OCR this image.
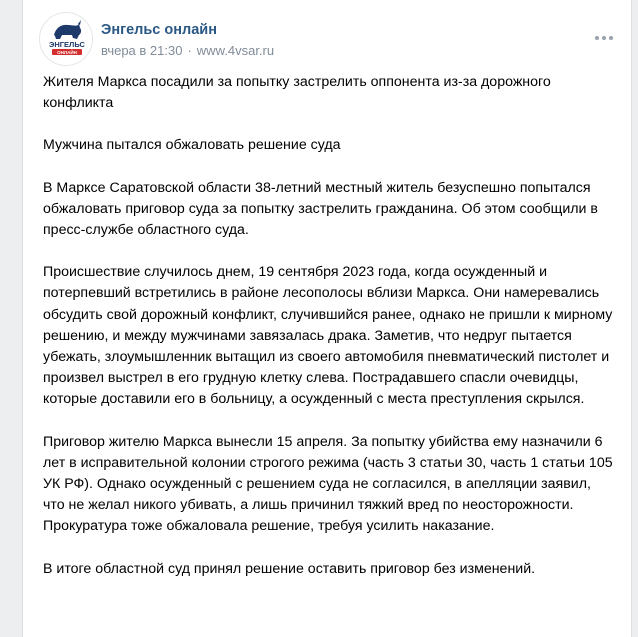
ЭНГЕЛЬС
ОНЛАЙН
Энгельс онлайн
вчера в 21:30 · www.4vsar.ru

Жителя Маркса посадили за попытку застрелить оппонента из-за дорожного конфликта

Мужчина пытался обжаловать решение суда

В Марксе Саратовской области 38-летний местный житель безуспешно попытался обжаловать приговор суда за попытку застрелить гражданина. Об этом сообщили в пресс-службе областного суда.

Происшествие случилось днем, 19 сентября 2023 года, когда осужденный и потерпевший встретились в районе лесополосы вблизи Маркса. Они намеревались обсудить свой дорожный конфликт, случившийся ранее, однако не пришли к мирному решению, и между мужчинами завязалась драка. Заметив, что недруг пытается убежать, злоумышленник вытащил из своего автомобиля пневматический пистолет и произвел выстрел в его грудную клетку слева. Пострадавшего спасли очевидцы, которые доставили его в больницу, а осужденный с места преступления скрылся.

Приговор жителю Маркса вынесли 15 апреля. За попытку убийства ему назначили 6 лет в исправительной колонии строгого режима (часть 3 статьи 30, часть 1 статьи 105 УК РФ). Однако осужденный с решением суда не согласился, в апелляции заявил, что не желал никого убивать, а лишь причинил тяжкий вред по неосторожности. Прокуратура тоже обжаловала решение, требуя усилить наказание.

В итоге областной суд принял решение оставить приговор без изменений.
